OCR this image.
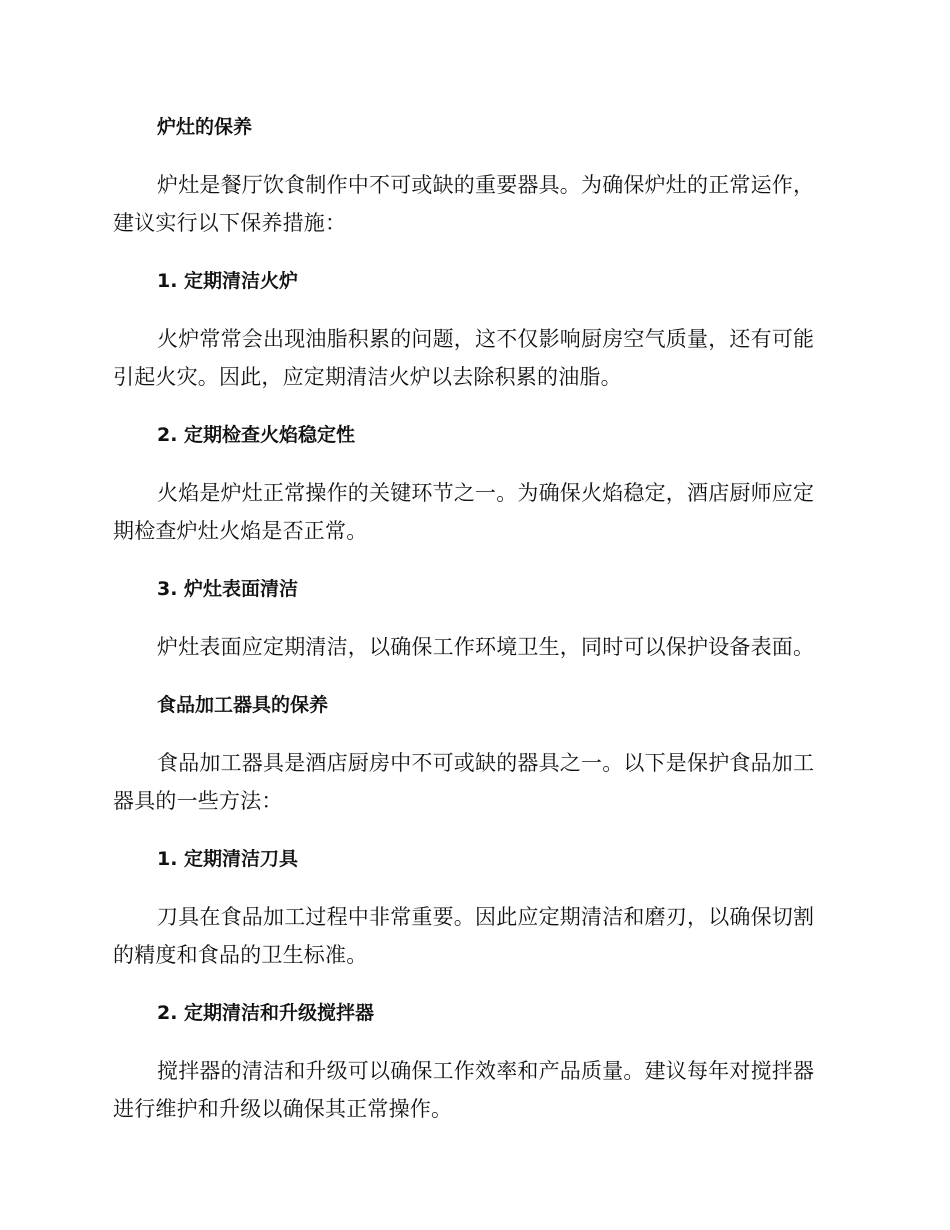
炉灶的保养
炉灶是餐厅饮食制作中不可或缺的重要器具。为确保炉灶的正常运作，建议实行以下保养措施：
1. 定期清洁火炉
火炉常常会出现油脂积累的问题，这不仅影响厨房空气质量，还有可能引起火灾。因此，应定期清洁火炉以去除积累的油脂。
2. 定期检查火焰稳定性
火焰是炉灶正常操作的关键环节之一。为确保火焰稳定，酒店厨师应定期检查炉灶火焰是否正常。
3. 炉灶表面清洁
炉灶表面应定期清洁，以确保工作环境卫生，同时可以保护设备表面。
食品加工器具的保养
食品加工器具是酒店厨房中不可或缺的器具之一。以下是保护食品加工器具的一些方法：
1. 定期清洁刀具
刀具在食品加工过程中非常重要。因此应定期清洁和磨刃，以确保切割的精度和食品的卫生标准。
2. 定期清洁和升级搅拌器
搅拌器的清洁和升级可以确保工作效率和产品质量。建议每年对搅拌器进行维护和升级以确保其正常操作。
